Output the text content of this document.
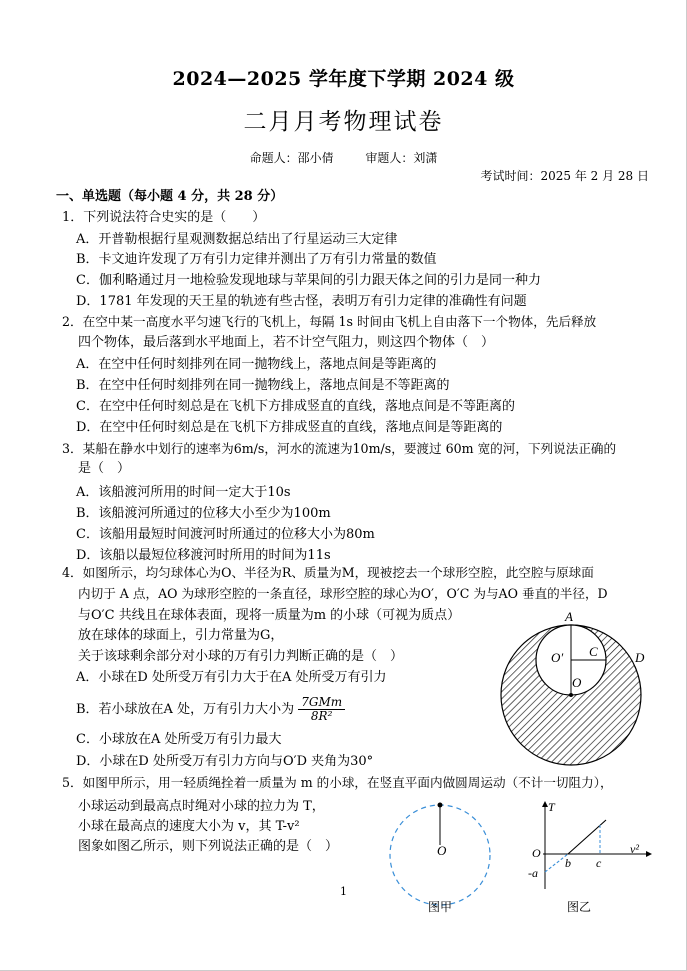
2024—2025 学年度下学期 2024 级
二月月考物理试卷
命题人：邵小倩	审题人：刘潇
考试时间：2025 年 2 月 28 日
一、单选题（每小题 4 分，共 28 分）
1．下列说法符合史实的是（　　）
A．开普勒根据行星观测数据总结出了行星运动三大定律
B．卡文迪许发现了万有引力定律并测出了万有引力常量的数值
C．伽利略通过月一地检验发现地球与苹果间的引力跟天体之间的引力是同一种力
D．1781 年发现的天王星的轨迹有些古怪，表明万有引力定律的准确性有问题
2．在空中某一高度水平匀速飞行的飞机上，每隔 1s 时间由飞机上自由落下一个物体，先后释放
四个物体，最后落到水平地面上，若不计空气阻力，则这四个物体（　）
A．在空中任何时刻排列在同一抛物线上，落地点间是等距离的
B．在空中任何时刻排列在同一抛物线上，落地点间是不等距离的
C．在空中任何时刻总是在飞机下方排成竖直的直线，落地点间是不等距离的
D．在空中任何时刻总是在飞机下方排成竖直的直线，落地点间是等距离的
3．某船在静水中划行的速率为6m/s，河水的流速为10m/s，要渡过 60m 宽的河，下列说法正确的
是（　）
A．该船渡河所用的时间一定大于10s
B．该船渡河所通过的位移大小至少为100m
C．该船用最短时间渡河时所通过的位移大小为80m
D．该船以最短位移渡河时所用的时间为11s
4．如图所示，均匀球体心为O、半径为R、质量为M，现被挖去一个球形空腔，此空腔与原球面
内切于 A 点，AO 为球形空腔的一条直径，球形空腔的球心为O′，O′C 为与AO 垂直的半径，D
与O′C 共线且在球体表面，现将一质量为m 的小球（可视为质点）
放在球体的球面上，引力常量为G，
关于该球剩余部分对小球的万有引力判断正确的是（　）
A．小球在D 处所受万有引力大于在A 处所受万有引力
B．若小球放在A 处，万有引力大小为 $\frac{\text{7GMm}}{\text{8R²}}$
C．小球放在A 处所受万有引力最大
D．小球在D 处所受万有引力方向与O′D 夹角为30°
A
O′ C
O
D
5．如图甲所示，用一轻质绳拴着一质量为 m 的小球，在竖直平面内做圆周运动（不计一切阻力），
小球运动到最高点时绳对小球的拉力为 T，
小球在最高点的速度大小为 v，其 T-v²
图象如图乙所示，则下列说法正确的是（　）	O
图甲
T
v²
O
b c
-a
图乙
1
